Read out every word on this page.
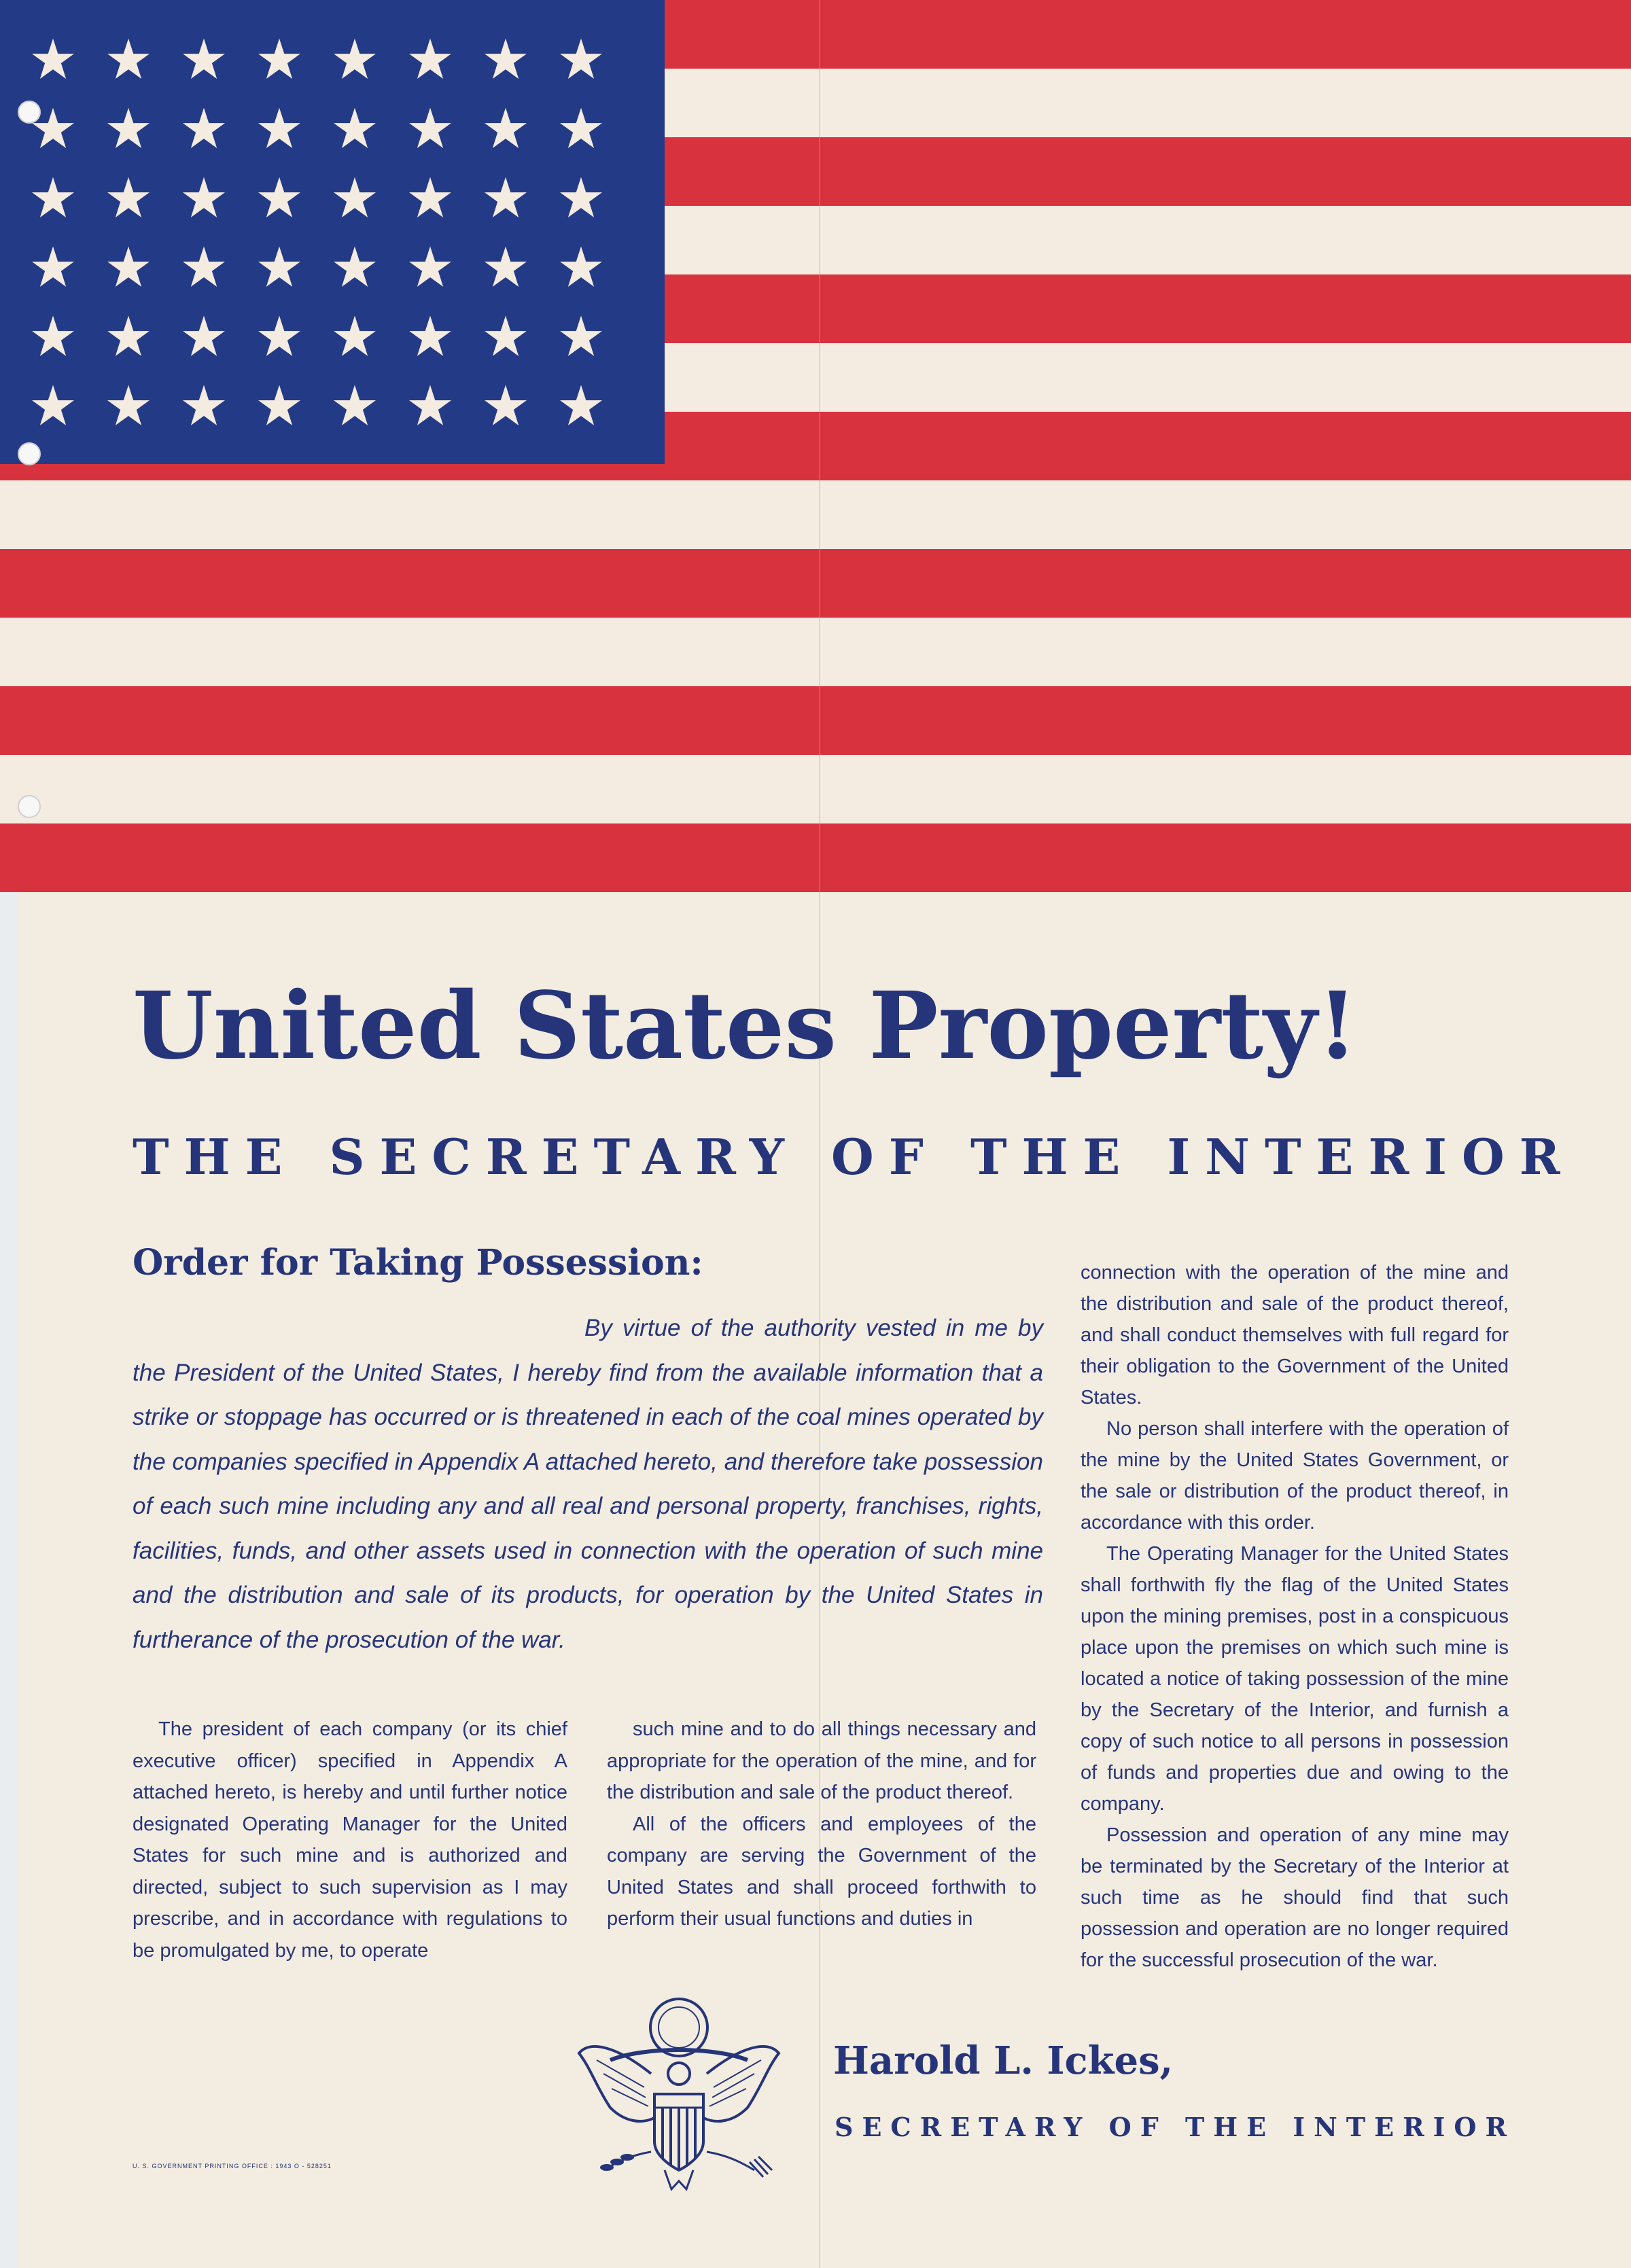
United States Property!
THE SECRETARY OF THE INTERIOR
Order for Taking Possession:
By virtue of the authority vested in me by the President of the United States, I hereby find from the available information that a strike or stoppage has occurred or is threatened in each of the coal mines operated by the companies specified in Appendix A attached hereto, and therefore take possession of each such mine including any and all real and personal property, franchises, rights, facilities, funds, and other assets used in connection with the operation of such mine and the distribution and sale of its products, for operation by the United States in furtherance of the prosecution of the war.

The president of each company (or its chief executive officer) specified in Appendix A attached hereto, is hereby and until further notice designated Operating Manager for the United States for such mine and is authorized and directed, subject to such supervision as I may prescribe, and in accordance with regulations to be promulgated by me, to operate

such mine and to do all things necessary and appropriate for the operation of the mine, and for the distribution and sale of the product thereof.

All of the officers and employees of the company are serving the Government of the United States and shall proceed forthwith to perform their usual functions and duties in

connection with the operation of the mine and the distribution and sale of the product thereof, and shall conduct themselves with full regard for their obligation to the Government of the United States.

No person shall interfere with the operation of the mine by the United States Government, or the sale or distribution of the product thereof, in accordance with this order.

The Operating Manager for the United States shall forthwith fly the flag of the United States upon the mining premises, post in a conspicuous place upon the premises on which such mine is located a notice of taking possession of the mine by the Secretary of the Interior, and furnish a copy of such notice to all persons in possession of funds and properties due and owing to the company.

Possession and operation of any mine may be terminated by the Secretary of the Interior at such time as he should find that such possession and operation are no longer required for the successful prosecution of the war.

Harold L. Ickes,
SECRETARY OF THE INTERIOR
U. S. GOVERNMENT PRINTING OFFICE : 1943 O - 528251
